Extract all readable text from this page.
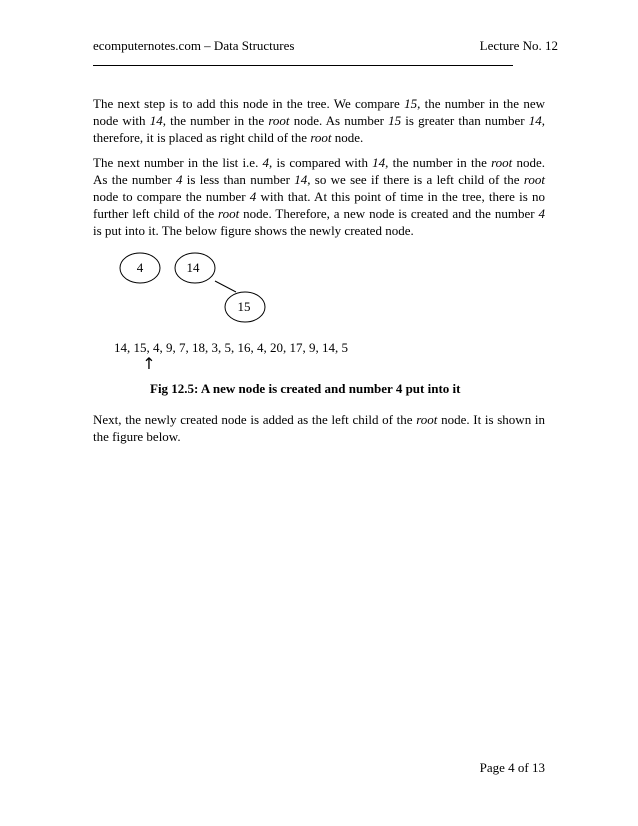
ecomputernotes.com – Data Structures	Lecture No. 12

The next step is to add this node in the tree. We compare 15, the number in the new node with 14, the number in the root node. As number 15 is greater than number 14, therefore, it is placed as right child of the root node.

The next number in the list i.e. 4, is compared with 14, the number in the root node. As the number 4 is less than number 14, so we see if there is a left child of the root node to compare the number 4 with that. At this point of time in the tree, there is no further left child of the root node. Therefore, a new node is created and the number 4 is put into it. The below figure shows the newly created node.

4	14
15
↑
14, 15, 4, 9, 7, 18, 3, 5, 16, 4, 20, 17, 9, 14, 5
Fig 12.5: A new node is created and number 4 put into it

Next, the newly created node is added as the left child of the root node. It is shown in the figure below.

Page 4 of 13
